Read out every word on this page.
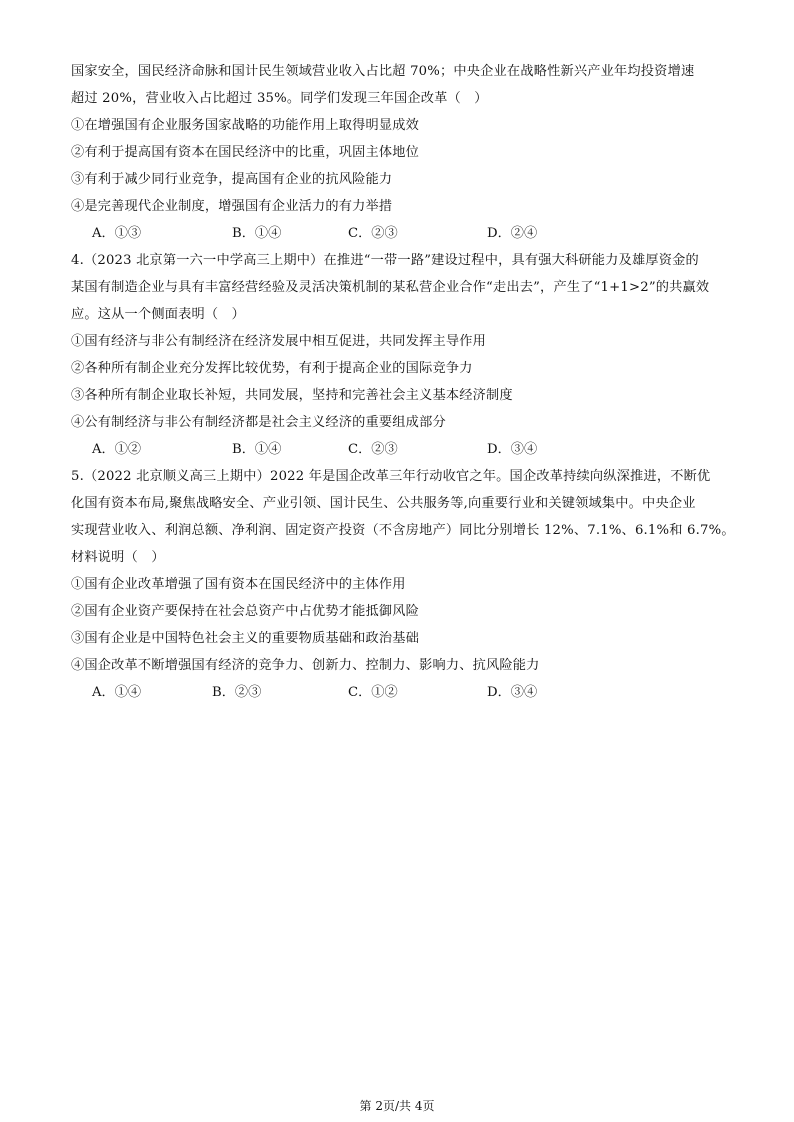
国家安全，国民经济命脉和国计民生领域营业收入占比超 70%；中央企业在战略性新兴产业年均投资增速
超过 20%，营业收入占比超过 35%。同学们发现三年国企改革（　）
①在增强国有企业服务国家战略的功能作用上取得明显成效
②有利于提高国有资本在国民经济中的比重，巩固主体地位
③有利于减少同行业竞争，提高国有企业的抗风险能力
④是完善现代企业制度，增强国有企业活力的有力举措
A．①③	B．①④	C．②③	D．②④
4.（2023 北京第一六一中学高三上期中）在推进“一带一路”建设过程中，具有强大科研能力及雄厚资金的
某国有制造企业与具有丰富经营经验及灵活决策机制的某私营企业合作“走出去”，产生了“1+1>2”的共赢效
应。这从一个侧面表明（　）
①国有经济与非公有制经济在经济发展中相互促进，共同发挥主导作用
②各种所有制企业充分发挥比较优势，有利于提高企业的国际竞争力
③各种所有制企业取长补短，共同发展，坚持和完善社会主义基本经济制度
④公有制经济与非公有制经济都是社会主义经济的重要组成部分
A．①②	B．①④	C．②③	D．③④
5.（2022 北京顺义高三上期中）2022 年是国企改革三年行动收官之年。国企改革持续向纵深推进，不断优
化国有资本布局,聚焦战略安全、产业引领、国计民生、公共服务等,向重要行业和关键领域集中。中央企业
实现营业收入、利润总额、净利润、固定资产投资（不含房地产）同比分别增长 12%、7.1%、6.1%和 6.7%。
材料说明（　）
①国有企业改革增强了国有资本在国民经济中的主体作用
②国有企业资产要保持在社会总资产中占优势才能抵御风险
③国有企业是中国特色社会主义的重要物质基础和政治基础
④国企改革不断增强国有经济的竞争力、创新力、控制力、影响力、抗风险能力
A．①④	B．②③	C．①②	D．③④
第 2页/共 4页
